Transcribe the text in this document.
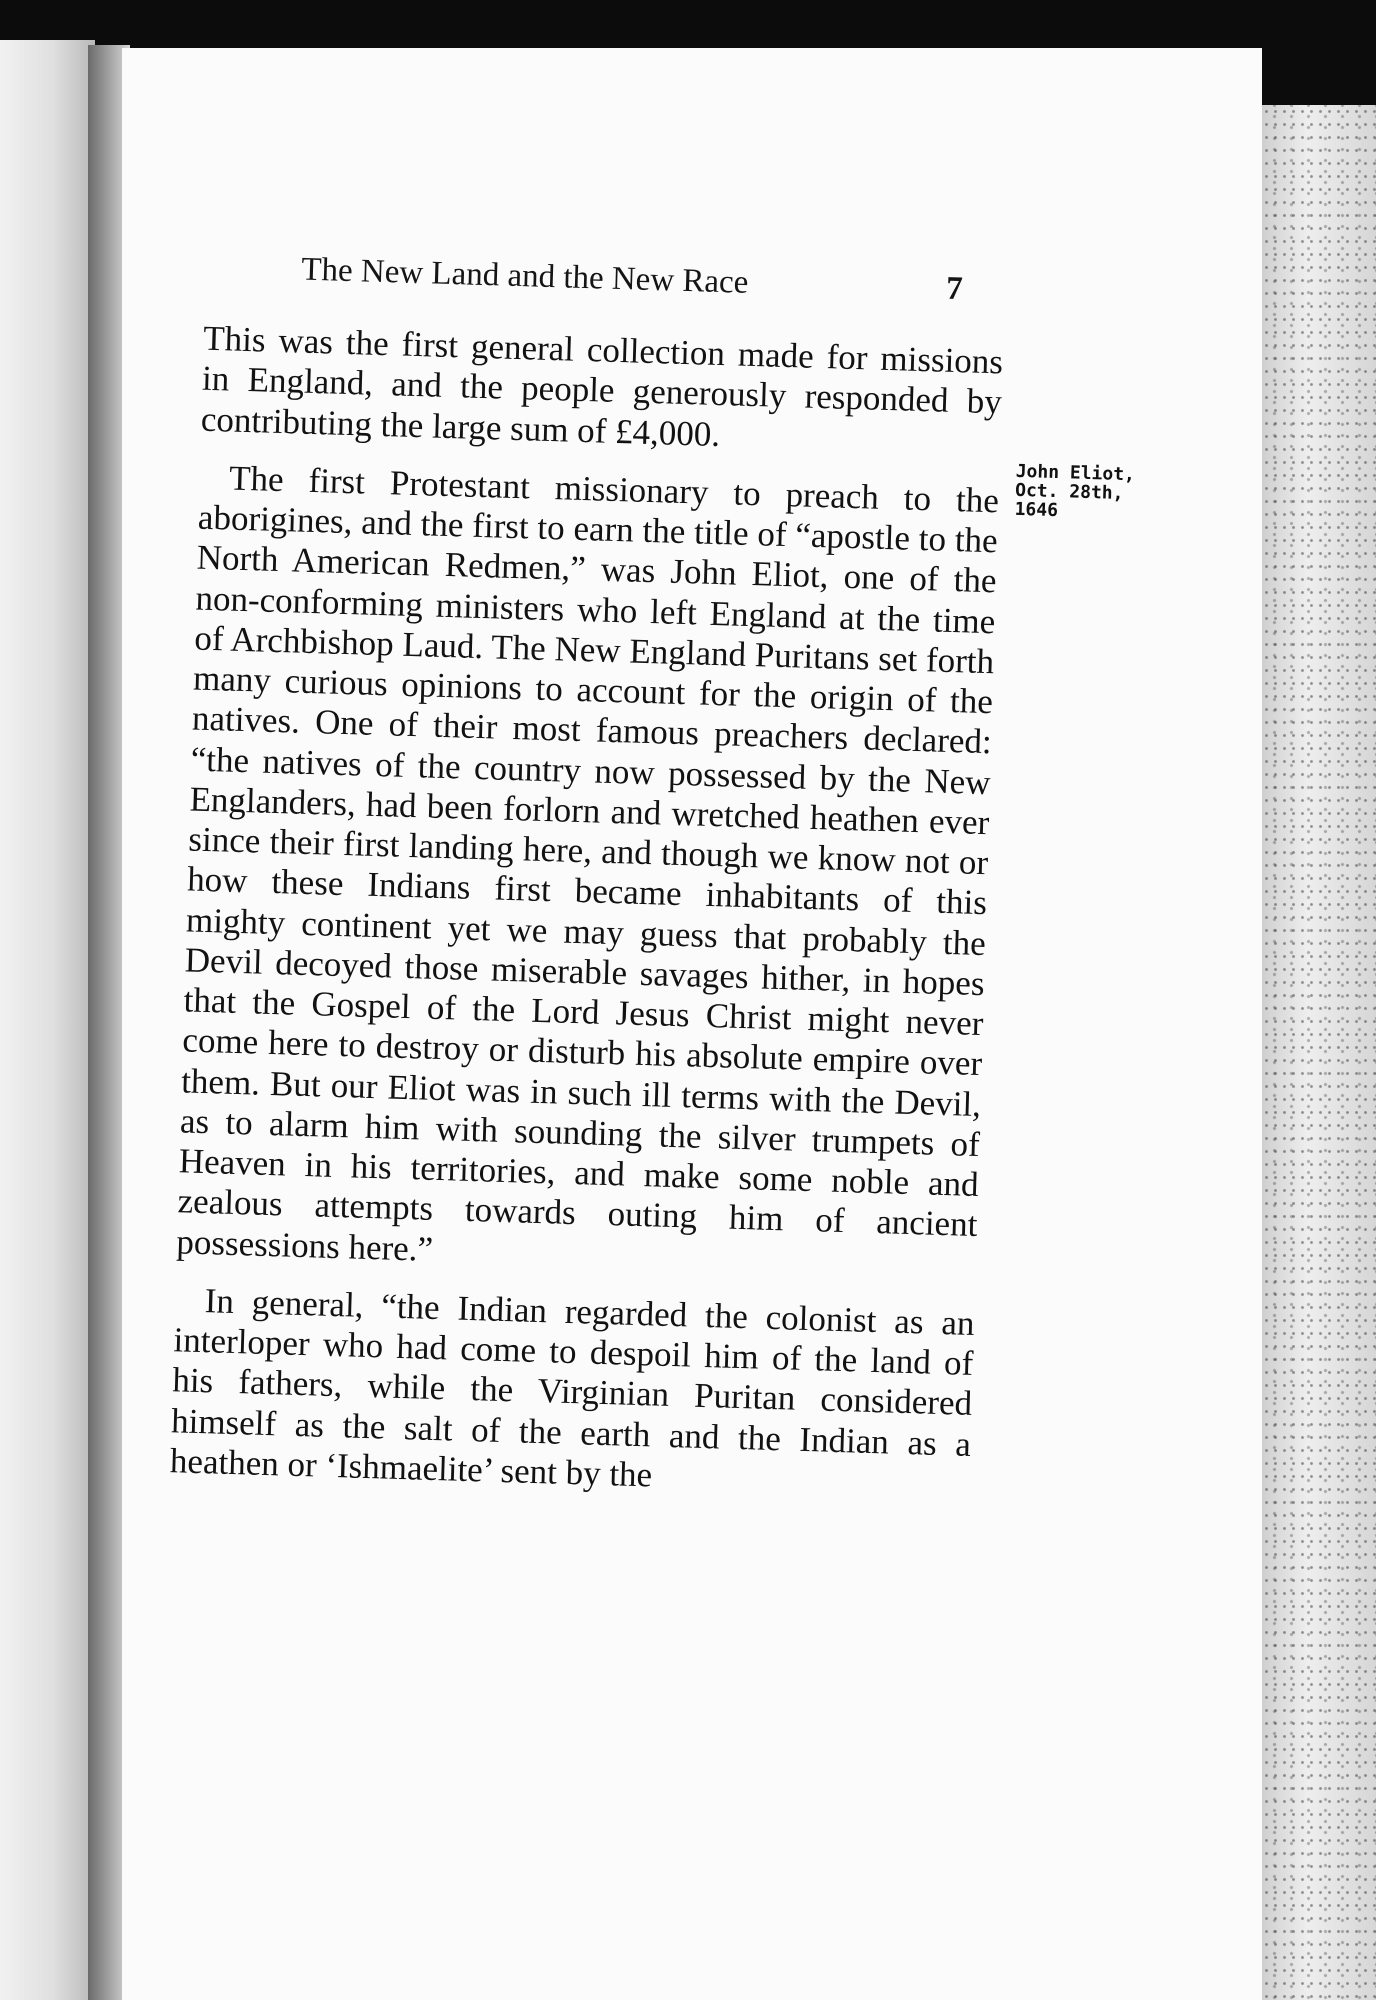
The New Land and the New Race	7
John Eliot,
Oct. 28th,
1646

This was the first general collection made for missions in England, and the people generously responded by contributing the large sum of £4,000.

The first Protestant missionary to preach to the aborigines, and the first to earn the title of “apostle to the North American Redmen,” was John Eliot, one of the non-conforming ministers who left England at the time of Archbishop Laud. The New England Puritans set forth many curious opinions to account for the origin of the natives. One of their most famous preachers declared: “the natives of the country now possessed by the New Englanders, had been forlorn and wretched heathen ever since their first landing here, and though we know not or how these Indians first became inhabitants of this mighty continent yet we may guess that probably the Devil decoyed those miserable savages hither, in hopes that the Gospel of the Lord Jesus Christ might never come here to destroy or disturb his absolute empire over them. But our Eliot was in such ill terms with the Devil, as to alarm him with sounding the silver trumpets of Heaven in his territories, and make some noble and zealous attempts towards outing him of ancient possessions here.”

In general, “the Indian regarded the colonist as an interloper who had come to despoil him of the land of his fathers, while the Virginian Puritan considered himself as the salt of the earth and the Indian as a heathen or ‘Ishmaelite’ sent by the
